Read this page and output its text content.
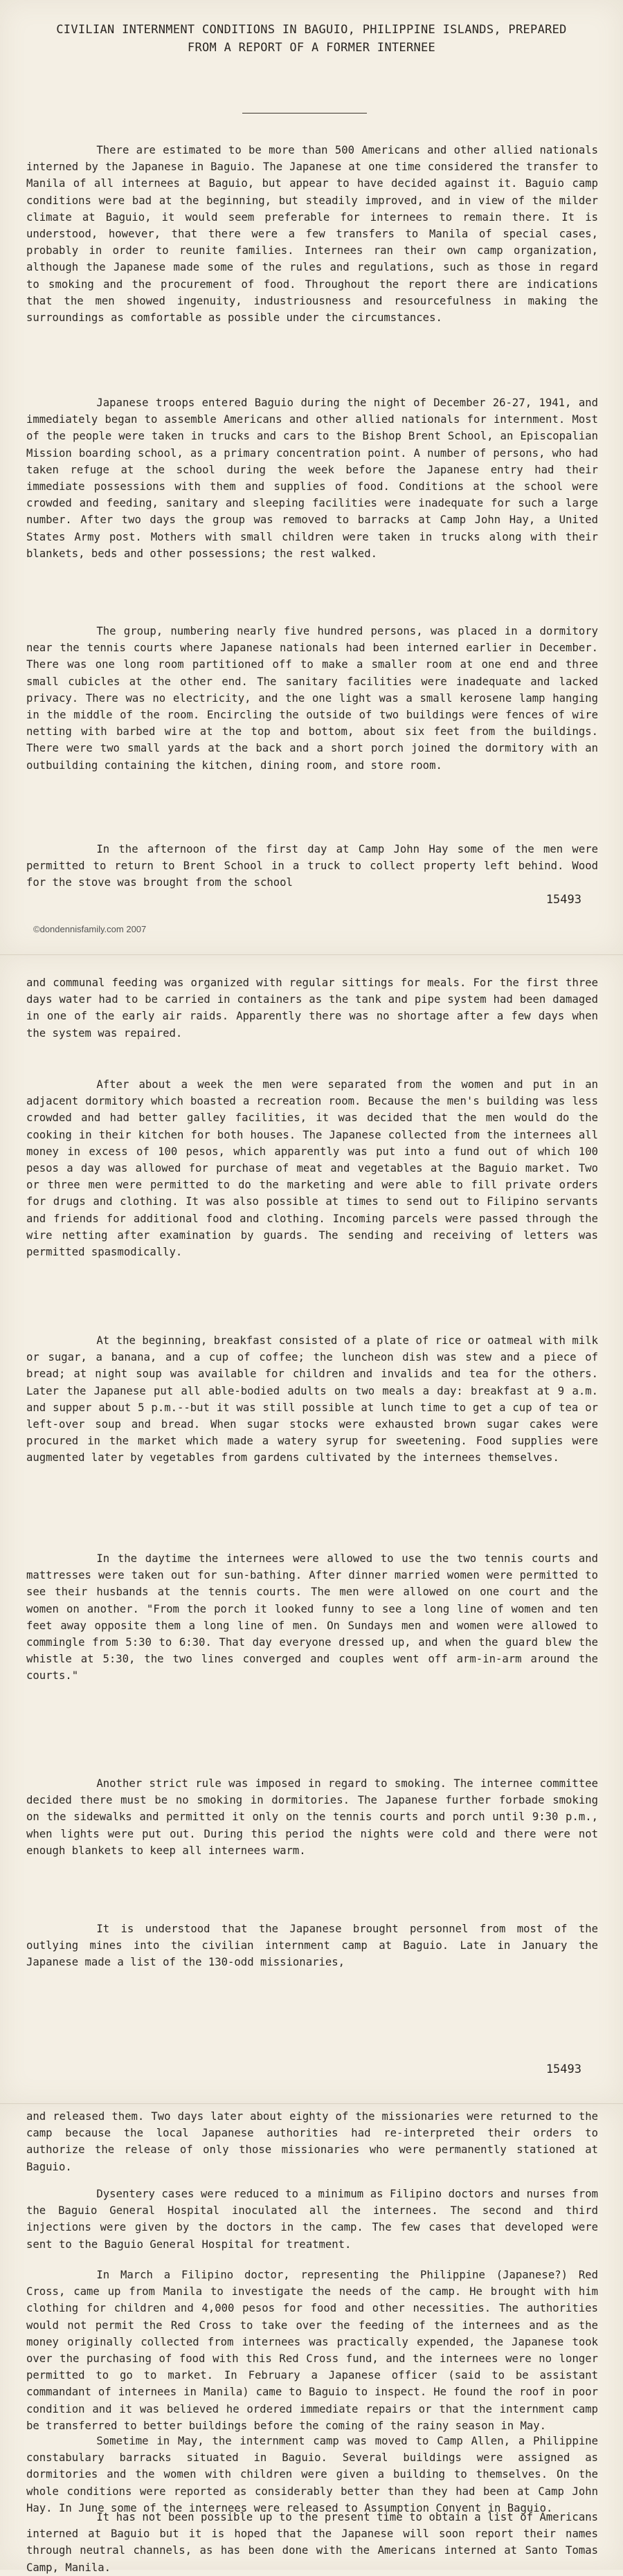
CIVILIAN INTERNMENT CONDITIONS IN BAGUIO, PHILIPPINE ISLANDS, PREPARED FROM A REPORT OF A FORMER INTERNEE

There are estimated to be more than 500 Americans and other allied nationals interned by the Japanese in Baguio. The Japanese at one time considered the transfer to Manila of all internees at Baguio, but appear to have decided against it. Baguio camp conditions were bad at the beginning, but steadily improved, and in view of the milder climate at Baguio, it would seem preferable for internees to remain there. It is understood, however, that there were a few transfers to Manila of special cases, probably in order to reunite families. Internees ran their own camp organization, although the Japanese made some of the rules and regulations, such as those in regard to smoking and the procurement of food. Throughout the report there are indications that the men showed ingenuity, industriousness and resourcefulness in making the surroundings as comfortable as possible under the circumstances.

Japanese troops entered Baguio during the night of December 26-27, 1941, and immediately began to assemble Americans and other allied nationals for internment. Most of the people were taken in trucks and cars to the Bishop Brent School, an Episcopalian Mission boarding school, as a primary concentration point. A number of persons, who had taken refuge at the school during the week before the Japanese entry had their immediate possessions with them and supplies of food. Conditions at the school were crowded and feeding, sanitary and sleeping facilities were inadequate for such a large number. After two days the group was removed to barracks at Camp John Hay, a United States Army post. Mothers with small children were taken in trucks along with their blankets, beds and other possessions; the rest walked.

The group, numbering nearly five hundred persons, was placed in a dormitory near the tennis courts where Japanese nationals had been interned earlier in December. There was one long room partitioned off to make a smaller room at one end and three small cubicles at the other end. The sanitary facilities were inadequate and lacked privacy. There was no electricity, and the one light was a small kerosene lamp hanging in the middle of the room. Encircling the outside of two buildings were fences of wire netting with barbed wire at the top and bottom, about six feet from the buildings. There were two small yards at the back and a short porch joined the dormitory with an outbuilding containing the kitchen, dining room, and store room.

In the afternoon of the first day at Camp John Hay some of the men were permitted to return to Brent School in a truck to collect property left behind. Wood for the stove was brought from the school

15493
©dondennisfamily.com 2007

and communal feeding was organized with regular sittings for meals. For the first three days water had to be carried in containers as the tank and pipe system had been damaged in one of the early air raids. Apparently there was no shortage after a few days when the system was repaired.

After about a week the men were separated from the women and put in an adjacent dormitory which boasted a recreation room. Because the men's building was less crowded and had better galley facilities, it was decided that the men would do the cooking in their kitchen for both houses. The Japanese collected from the internees all money in excess of 100 pesos, which apparently was put into a fund out of which 100 pesos a day was allowed for purchase of meat and vegetables at the Baguio market. Two or three men were permitted to do the marketing and were able to fill private orders for drugs and clothing. It was also possible at times to send out to Filipino servants and friends for additional food and clothing. Incoming parcels were passed through the wire netting after examination by guards. The sending and receiving of letters was permitted spasmodically.

At the beginning, breakfast consisted of a plate of rice or oatmeal with milk or sugar, a banana, and a cup of coffee; the luncheon dish was stew and a piece of bread; at night soup was available for children and invalids and tea for the others. Later the Japanese put all able-bodied adults on two meals a day: breakfast at 9 a.m. and supper about 5 p.m.--but it was still possible at lunch time to get a cup of tea or left-over soup and bread. When sugar stocks were exhausted brown sugar cakes were procured in the market which made a watery syrup for sweetening. Food supplies were augmented later by vegetables from gardens cultivated by the internees themselves.

In the daytime the internees were allowed to use the two tennis courts and mattresses were taken out for sun-bathing. After dinner married women were permitted to see their husbands at the tennis courts. The men were allowed on one court and the women on another. "From the porch it looked funny to see a long line of women and ten feet away opposite them a long line of men. On Sundays men and women were allowed to commingle from 5:30 to 6:30. That day everyone dressed up, and when the guard blew the whistle at 5:30, the two lines converged and couples went off arm-in-arm around the courts."

Another strict rule was imposed in regard to smoking. The internee committee decided there must be no smoking in dormitories. The Japanese further forbade smoking on the sidewalks and permitted it only on the tennis courts and porch until 9:30 p.m., when lights were put out. During this period the nights were cold and there were not enough blankets to keep all internees warm.

It is understood that the Japanese brought personnel from most of the outlying mines into the civilian internment camp at Baguio. Late in January the Japanese made a list of the 130-odd missionaries,

15493

and released them. Two days later about eighty of the missionaries were returned to the camp because the local Japanese authorities had re-interpreted their orders to authorize the release of only those missionaries who were permanently stationed at Baguio.

Dysentery cases were reduced to a minimum as Filipino doctors and nurses from the Baguio General Hospital inoculated all the internees. The second and third injections were given by the doctors in the camp. The few cases that developed were sent to the Baguio General Hospital for treatment.

In March a Filipino doctor, representing the Philippine (Japanese?) Red Cross, came up from Manila to investigate the needs of the camp. He brought with him clothing for children and 4,000 pesos for food and other necessities. The authorities would not permit the Red Cross to take over the feeding of the internees and as the money originally collected from internees was practically expended, the Japanese took over the purchasing of food with this Red Cross fund, and the internees were no longer permitted to go to market. In February a Japanese officer (said to be assistant commandant of internees in Manila) came to Baguio to inspect. He found the roof in poor condition and it was believed he ordered immediate repairs or that the internment camp be transferred to better buildings before the coming of the rainy season in May.

Sometime in May, the internment camp was moved to Camp Allen, a Philippine constabulary barracks situated in Baguio. Several buildings were assigned as dormitories and the women with children were given a building to themselves. On the whole conditions were reported as considerably better than they had been at Camp John Hay. In June some of the internees were released to Assumption Convent in Baguio.

It has not been possible up to the present time to obtain a list of Americans interned at Baguio but it is hoped that the Japanese will soon report their names through neutral channels, as has been done with the Americans interned at Santo Tomas Camp, Manila.
